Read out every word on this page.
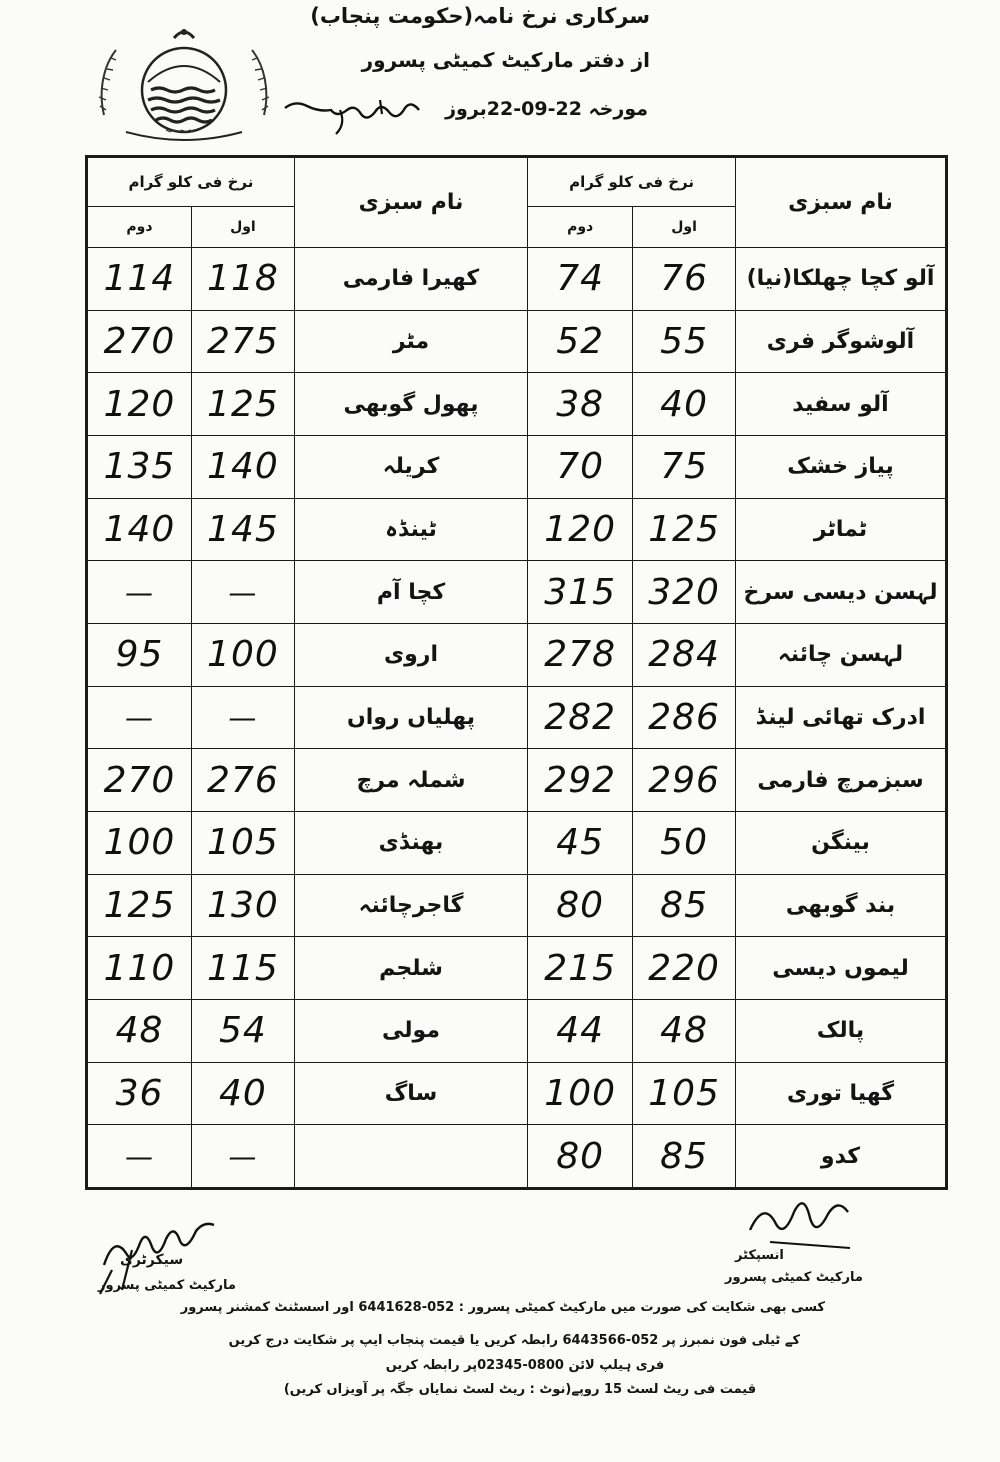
سرکاری نرخ نامہ(حکومت پنجاب)
از دفتر مارکیٹ کمیٹی پسرور
مورخہ 22-09-22بروز
نام سبزی	نرخ فی کلو گرام		نام سبزی	نرخ فی کلو گرام	
	اول	دوم		اول	دوم
آلو کچا چھلکا(نیا)	76	74	کھیرا فارمی	118	114
آلوشوگر فری	55	52	مٹر	275	270
آلو سفید	40	38	پھول گوبھی	125	120
پیاز خشک	75	70	کریلہ	140	135
ٹماٹر	125	120	ٹینڈہ	145	140
لہسن دیسی سرخ	320	315	کچا آم	—	—
لہسن چائنہ	284	278	اروی	100	95
ادرک تھائی لینڈ	286	282	پھلیاں رواں	—	—
سبزمرچ فارمی	296	292	شملہ مرچ	276	270
بینگن	50	45	بھنڈی	105	100
بند گوبھی	85	80	گاجرچائنہ	130	125
لیموں دیسی	220	215	شلجم	115	110
پالک	48	44	مولی	54	48
گھیا توری	105	100	ساگ	40	36
کدو	85	80		—	—
سیکرٹری
مارکیٹ کمیٹی پسرور
انسپکٹر
مارکیٹ کمیٹی پسرور
کسی بھی شکایت کی صورت میں مارکیٹ کمیٹی پسرور : 052-6441628 اور اسسٹنٹ کمشنر پسرور
کے ٹیلی فون نمبرز پر 052-6443566 رابطہ کریں یا قیمت پنجاب ایپ پر شکایت درج کریں
فری ہیلپ لائن 0800-02345پر رابطہ کریں
قیمت فی ریٹ لسٹ 15 روپے(نوٹ : ریٹ لسٹ نمایاں جگہ پر آویزاں کریں)
